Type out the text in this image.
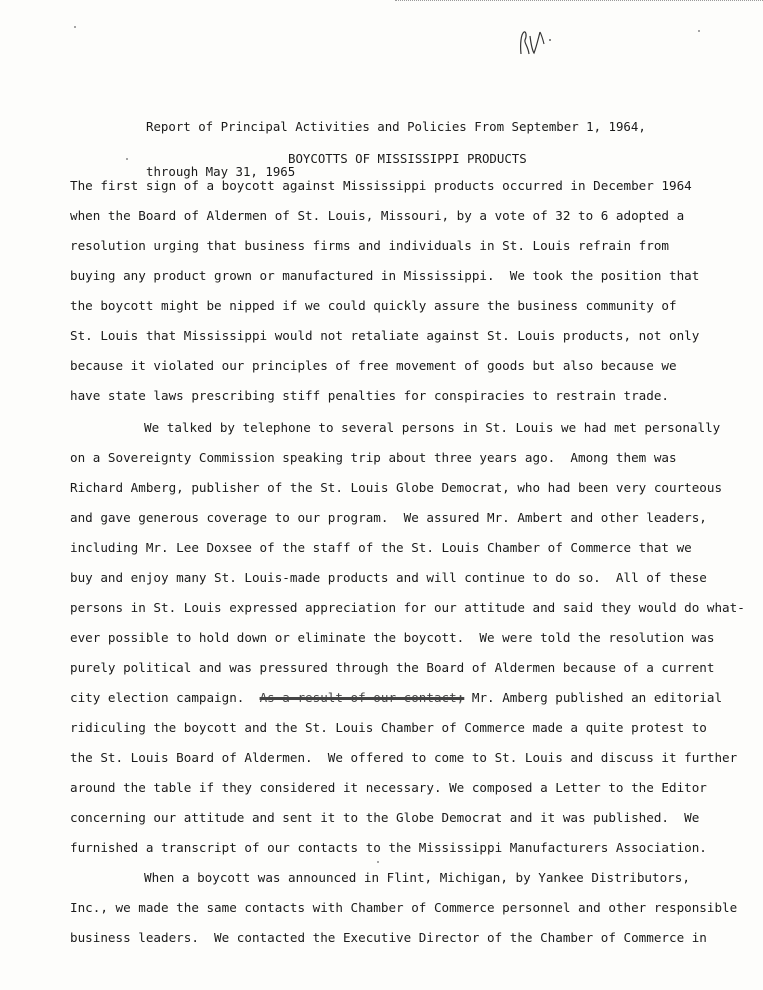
Report of Principal Activities and Policies From September 1, 1964,

through May 31, 1965

BOYCOTTS OF MISSISSIPPI PRODUCTS
The first sign of a boycott against Mississippi products occurred in December 1964
when the Board of Aldermen of St. Louis, Missouri, by a vote of 32 to 6 adopted a
resolution urging that business firms and individuals in St. Louis refrain from
buying any product grown or manufactured in Mississippi.  We took the position that
the boycott might be nipped if we could quickly assure the business community of
St. Louis that Mississippi would not retaliate against St. Louis products, not only
because it violated our principles of free movement of goods but also because we
have state laws prescribing stiff penalties for conspiracies to restrain trade.
We talked by telephone to several persons in St. Louis we had met personally
on a Sovereignty Commission speaking trip about three years ago.  Among them was
Richard Amberg, publisher of the St. Louis Globe Democrat, who had been very courteous
and gave generous coverage to our program.  We assured Mr. Ambert and other leaders,
including Mr. Lee Doxsee of the staff of the St. Louis Chamber of Commerce that we
buy and enjoy many St. Louis-made products and will continue to do so.  All of these
persons in St. Louis expressed appreciation for our attitude and said they would do what-
ever possible to hold down or eliminate the boycott.  We were told the resolution was
purely political and was pressured through the Board of Aldermen because of a current
city election campaign. As a result of our contact; Mr. Amberg published an editorial
ridiculing the boycott and the St. Louis Chamber of Commerce made a quite protest to
the St. Louis Board of Aldermen.  We offered to come to St. Louis and discuss it further
around the table if they considered it necessary. We composed a Letter to the Editor
concerning our attitude and sent it to the Globe Democrat and it was published.  We
furnished a transcript of our contacts to the Mississippi Manufacturers Association.
When a boycott was announced in Flint, Michigan, by Yankee Distributors,
Inc., we made the same contacts with Chamber of Commerce personnel and other responsible
business leaders.  We contacted the Executive Director of the Chamber of Commerce in
